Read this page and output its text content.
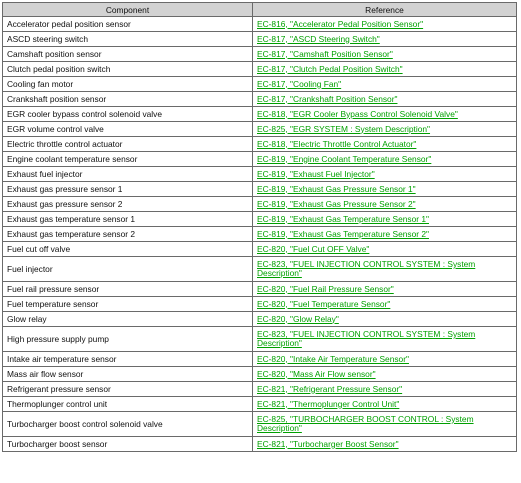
Component	Reference
Accelerator pedal position sensor	EC-816, "Accelerator Pedal Position Sensor"
ASCD steering switch	EC-817, "ASCD Steering Switch"
Camshaft position sensor	EC-817, "Camshaft Position Sensor"
Clutch pedal position switch	EC-817, "Clutch Pedal Position Switch"
Cooling fan motor	EC-817, "Cooling Fan"
Crankshaft position sensor	EC-817, "Crankshaft Position Sensor"
EGR cooler bypass control solenoid valve	EC-818, "EGR Cooler Bypass Control Solenoid Valve"
EGR volume control valve	EC-825, "EGR SYSTEM : System Description"
Electric throttle control actuator	EC-818, "Electric Throttle Control Actuator"
Engine coolant temperature sensor	EC-819, "Engine Coolant Temperature Sensor"
Exhaust fuel injector	EC-819, "Exhaust Fuel Injector"
Exhaust gas pressure sensor 1	EC-819, "Exhaust Gas Pressure Sensor 1"
Exhaust gas pressure sensor 2	EC-819, "Exhaust Gas Pressure Sensor 2"
Exhaust gas temperature sensor 1	EC-819, "Exhaust Gas Temperature Sensor 1"
Exhaust gas temperature sensor 2	EC-819, "Exhaust Gas Temperature Sensor 2"
Fuel cut off valve	EC-820, "Fuel Cut OFF Valve"
Fuel injector	EC-823, "FUEL INJECTION CONTROL SYSTEM : System Description"
Fuel rail pressure sensor	EC-820, "Fuel Rail Pressure Sensor"
Fuel temperature sensor	EC-820, "Fuel Temperature Sensor"
Glow relay	EC-820, "Glow Relay"
High pressure supply pump	EC-823, "FUEL INJECTION CONTROL SYSTEM : System Description"
Intake air temperature sensor	EC-820, "Intake Air Temperature Sensor"
Mass air flow sensor	EC-820, "Mass Air Flow sensor"
Refrigerant pressure sensor	EC-821, "Refrigerant Pressure Sensor"
Thermoplunger control unit	EC-821, "Thermoplunger Control Unit"
Turbocharger boost control solenoid valve	EC-825, "TURBOCHARGER BOOST CONTROL : System Description"
Turbocharger boost sensor	EC-821, "Turbocharger Boost Sensor"
